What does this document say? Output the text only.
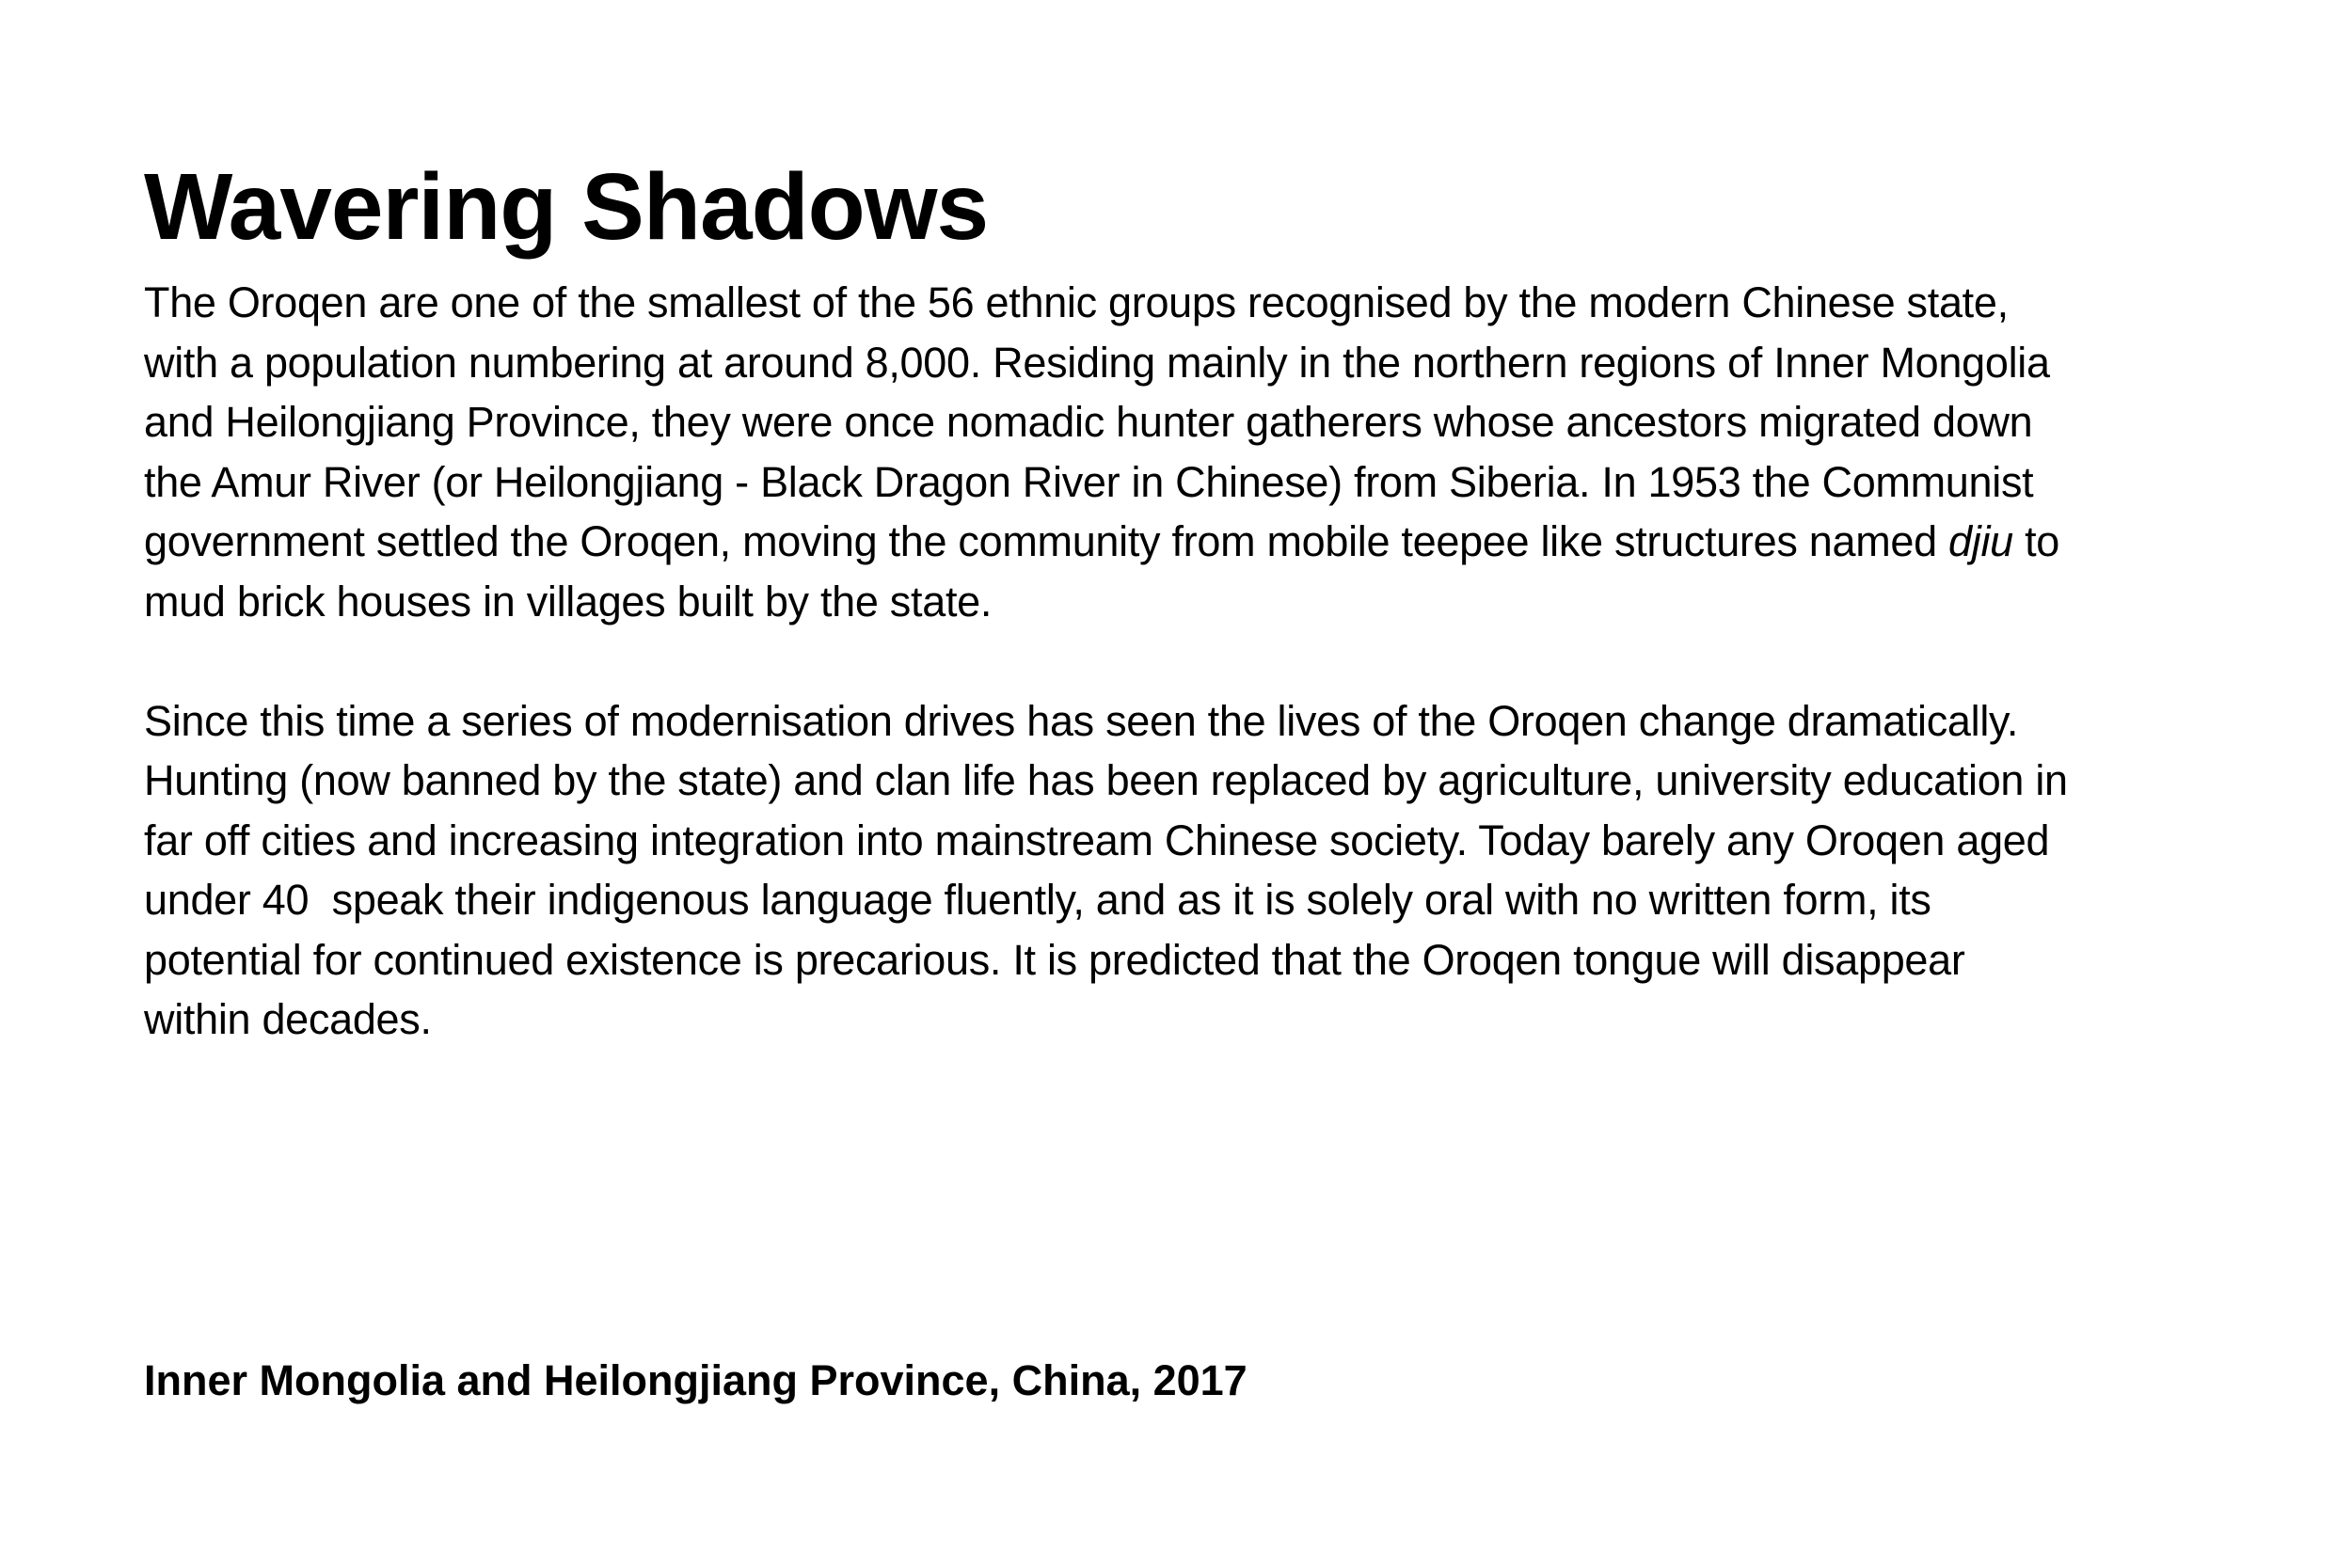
Wavering Shadows
The Oroqen are one of the smallest of the 56 ethnic groups recognised by the modern Chinese state,
with a population numbering at around 8,000. Residing mainly in the northern regions of Inner Mongolia
and Heilongjiang Province, they were once nomadic hunter gatherers whose ancestors migrated down
the Amur River (or Heilongjiang - Black Dragon River in Chinese) from Siberia. In 1953 the Communist
government settled the Oroqen, moving the community from mobile teepee like structures named djiu to
mud brick houses in villages built by the state.
Since this time a series of modernisation drives has seen the lives of the Oroqen change dramatically.
Hunting (now banned by the state) and clan life has been replaced by agriculture, university education in
far off cities and increasing integration into mainstream Chinese society. Today barely any Oroqen aged
under 40  speak their indigenous language fluently, and as it is solely oral with no written form, its
potential for continued existence is precarious. It is predicted that the Oroqen tongue will disappear
within decades.

Inner Mongolia and Heilongjiang Province, China, 2017
